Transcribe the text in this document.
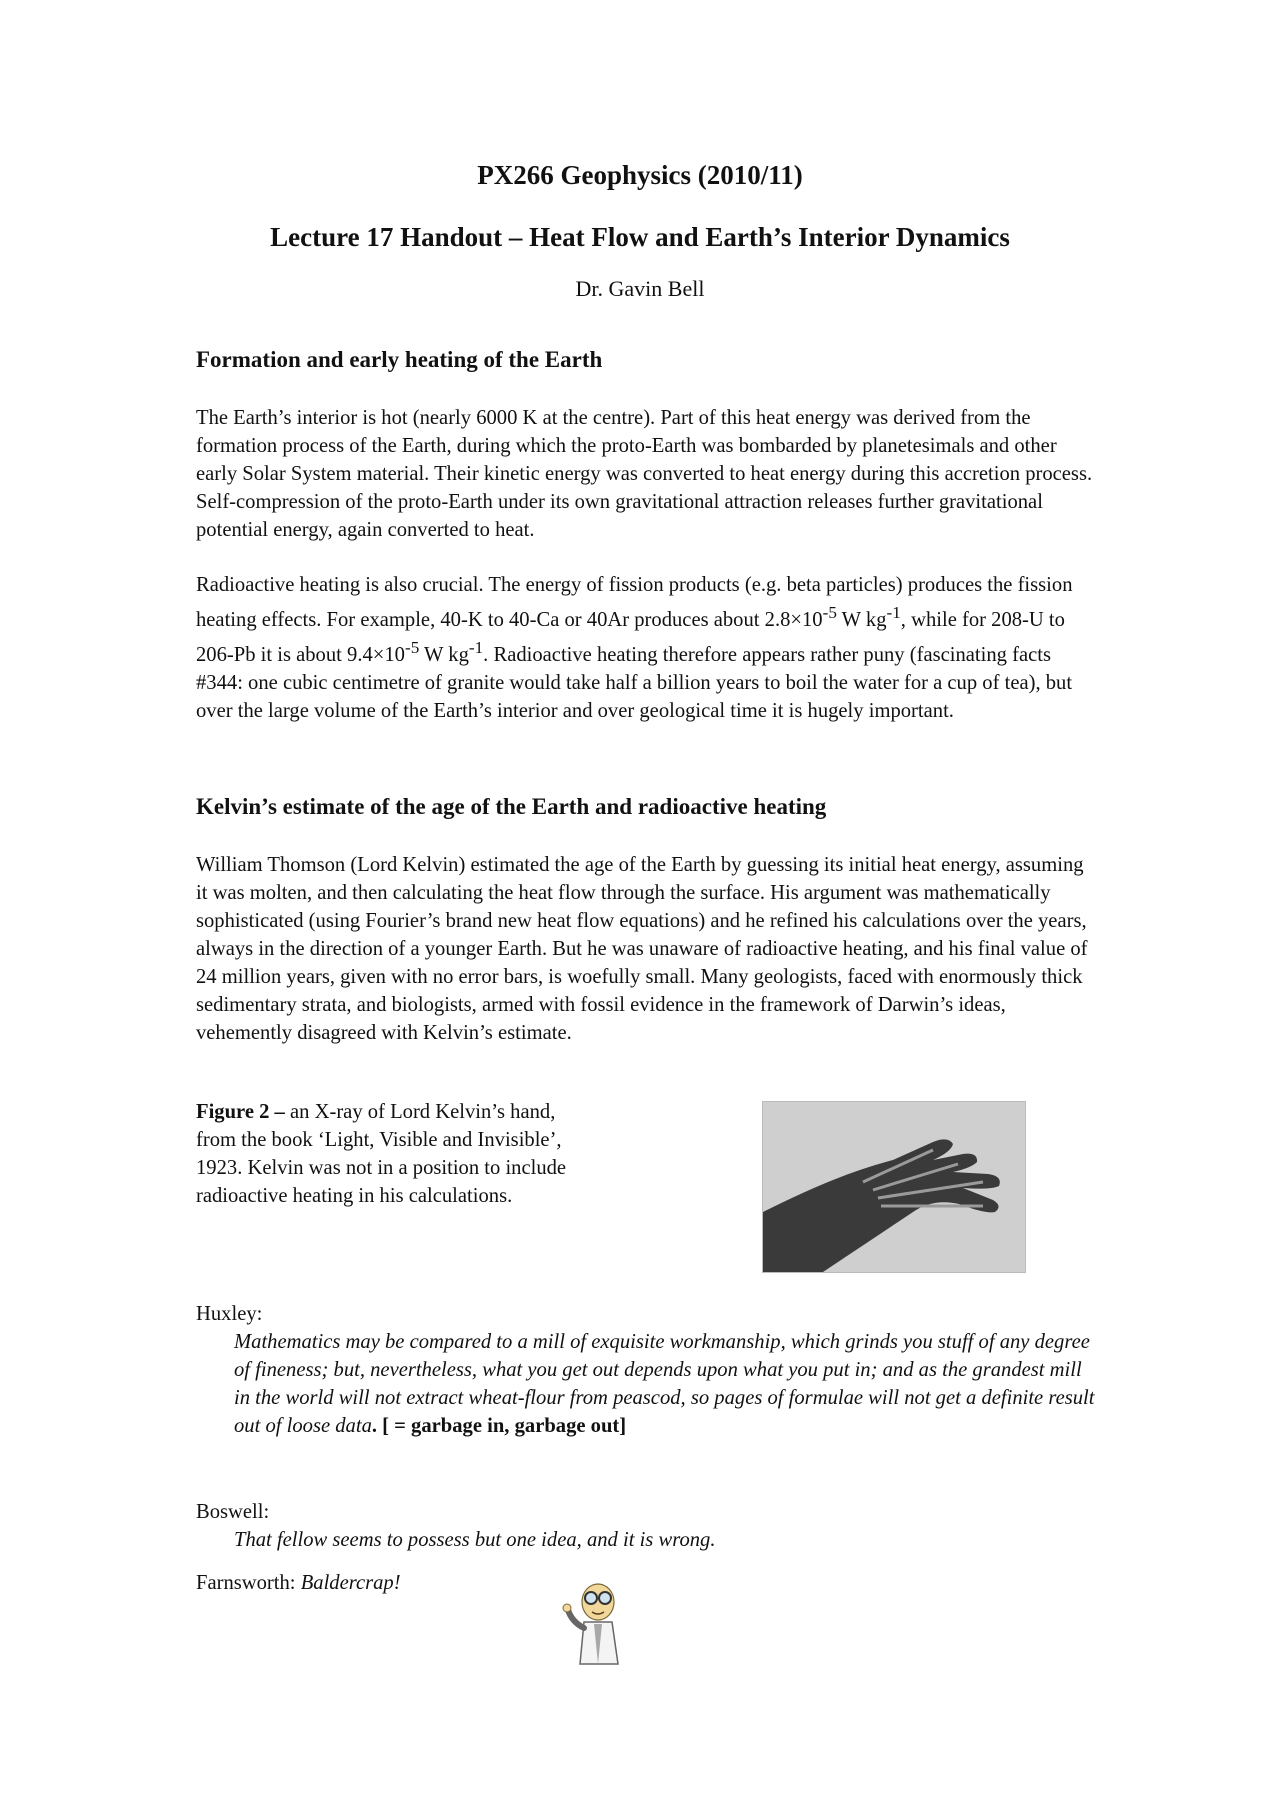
PX266 Geophysics (2010/11)
Lecture 17 Handout – Heat Flow and Earth’s Interior Dynamics

Dr. Gavin Bell

Formation and early heating of the Earth

The Earth’s interior is hot (nearly 6000 K at the centre). Part of this heat energy was derived from the formation process of the Earth, during which the proto-Earth was bombarded by planetesimals and other early Solar System material. Their kinetic energy was converted to heat energy during this accretion process. Self-compression of the proto-Earth under its own gravitational attraction releases further gravitational potential energy, again converted to heat.

Radioactive heating is also crucial. The energy of fission products (e.g. beta particles) produces the fission heating effects. For example, 40-K to 40-Ca or 40Ar produces about $2.8\times 10^{-5}$ W $kg^{-1}$, while for 208-U to 206-Pb it is about $9.4\times 10^{-5}$ W $kg^{-1}$. Radioactive heating therefore appears rather puny (fascinating facts #344: one cubic centimetre of granite would take half a billion years to boil the water for a cup of tea), but over the large volume of the Earth’s interior and over geological time it is hugely important.

Kelvin’s estimate of the age of the Earth and radioactive heating

William Thomson (Lord Kelvin) estimated the age of the Earth by guessing its initial heat energy, assuming it was molten, and then calculating the heat flow through the surface. His argument was mathematically sophisticated (using Fourier’s brand new heat flow equations) and he refined his calculations over the years, always in the direction of a younger Earth. But he was unaware of radioactive heating, and his final value of 24 million years, given with no error bars, is woefully small. Many geologists, faced with enormously thick sedimentary strata, and biologists, armed with fossil evidence in the framework of Darwin’s ideas, vehemently disagreed with Kelvin’s estimate.

Figure 2 – an X-ray of Lord Kelvin’s hand, from the book ‘Light, Visible and Invisible’, 1923. Kelvin was not in a position to include radioactive heating in his calculations.

Huxley:

Mathematics may be compared to a mill of exquisite workmanship, which grinds you stuff of any degree of fineness; but, nevertheless, what you get out depends upon what you put in; and as the grandest mill in the world will not extract wheat-flour from peascod, so pages of formulae will not get a definite result out of loose data. [ = garbage in, garbage out]

Boswell:

That fellow seems to possess but one idea, and it is wrong.

Farnsworth: Baldercrap!
